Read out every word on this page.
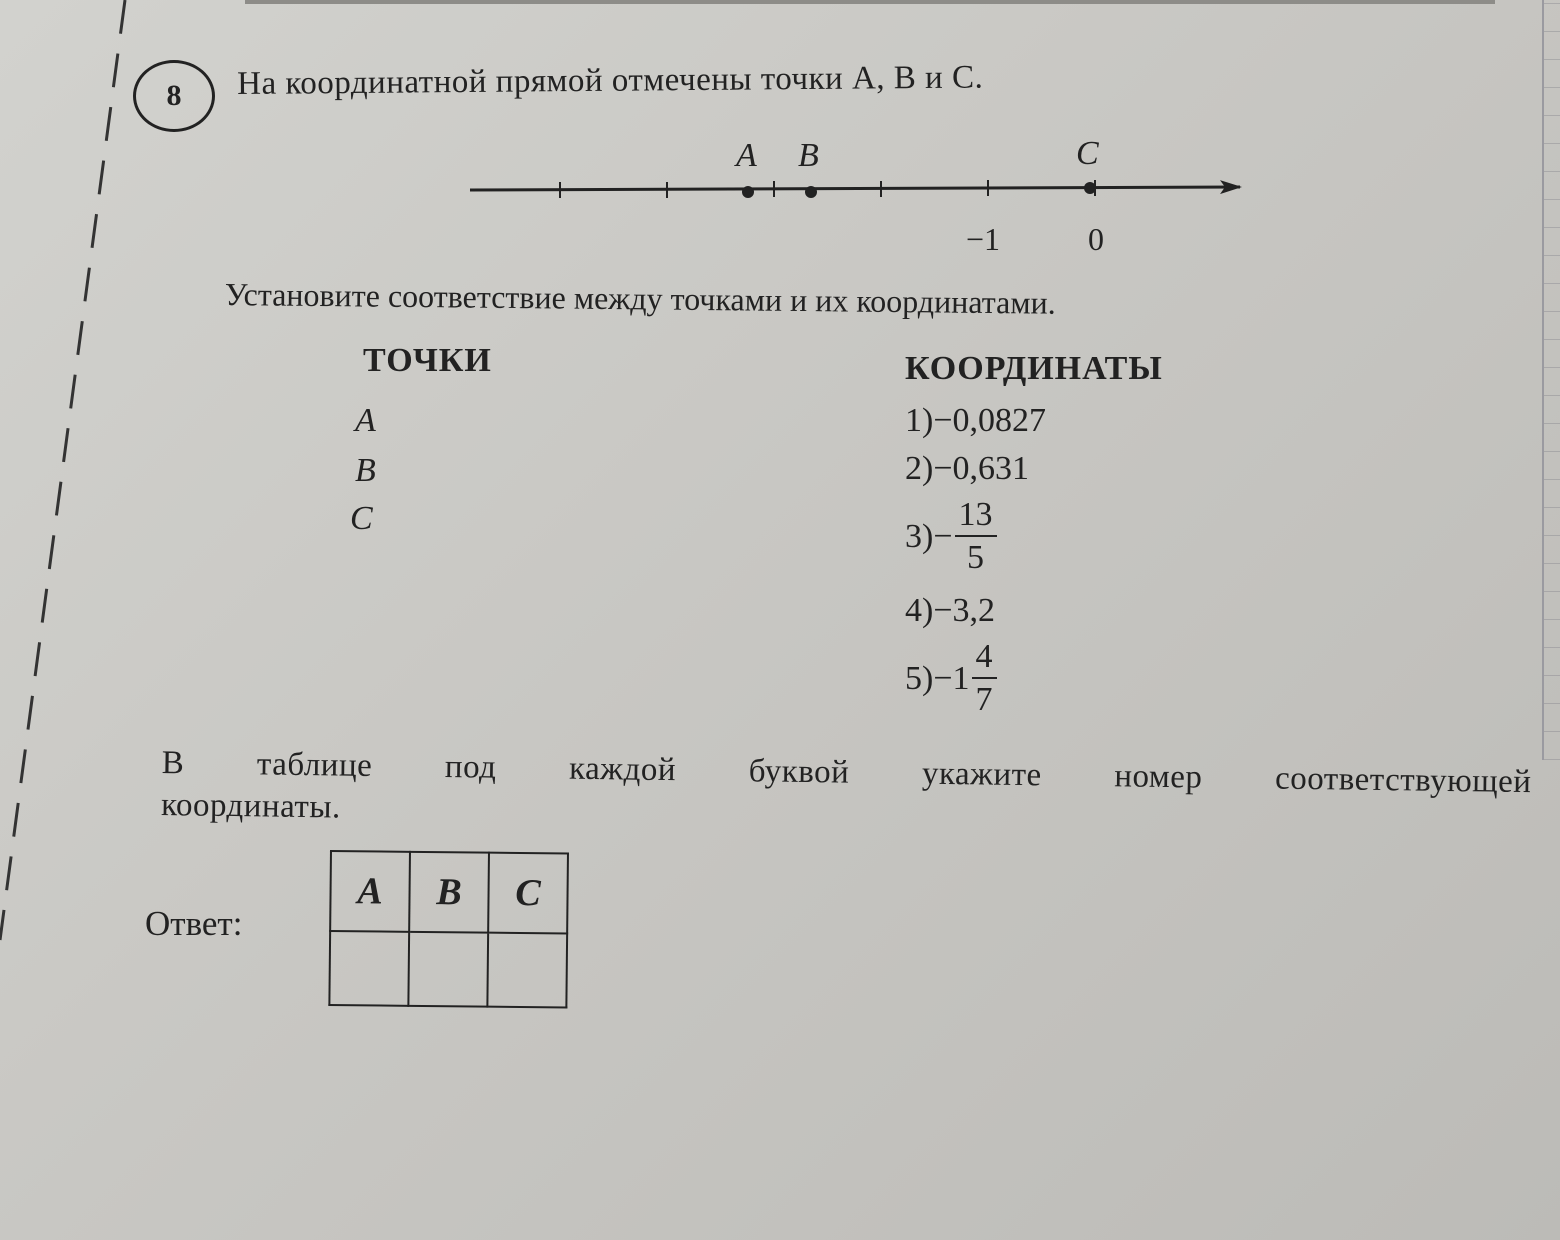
8 На координатной прямой отмечены точки A, B и C.
A B	C
−1	0
Установите соответствие между точками и их координатами.
ТОЧКИ	КООРДИНАТЫ
A
B
C
1) −0,0827
2) −0,631
$3) - \frac{13}{5}$
4) −3,2
$5) -1 \frac{4}{7}$
В таблице под каждой буквой укажите номер соответствующей
координаты.
Ответ:
A	B	C
